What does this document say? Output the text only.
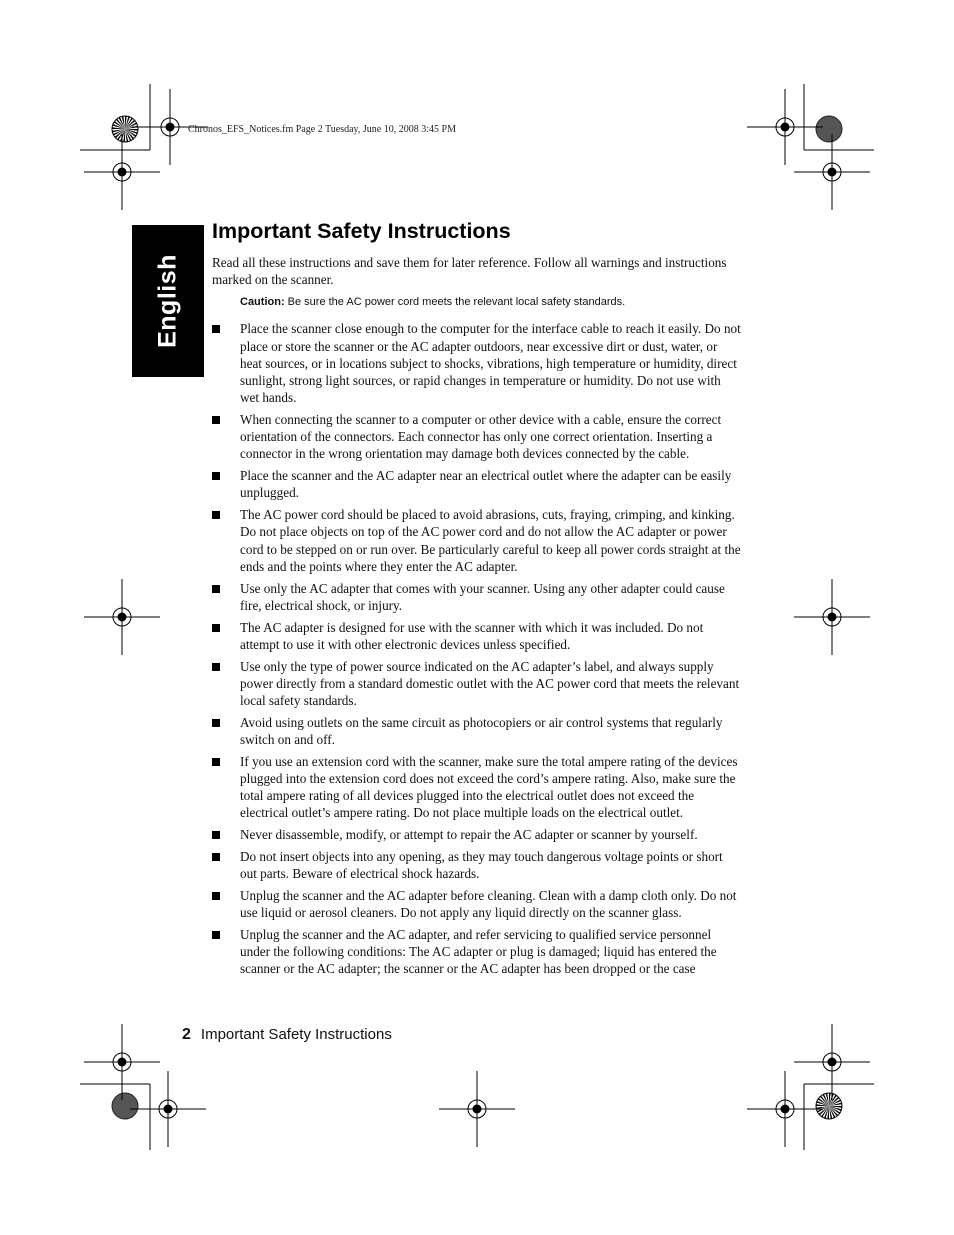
Chronos_EFS_Notices.fm Page 2 Tuesday, June 10, 2008 3:45 PM
English
Important Safety Instructions

Read all these instructions and save them for later reference. Follow all warnings and instructions marked on the scanner.

Caution: Be sure the AC power cord meets the relevant local safety standards.

Place the scanner close enough to the computer for the interface cable to reach it easily. Do not place or store the scanner or the AC adapter outdoors, near excessive dirt or dust, water, or heat sources, or in locations subject to shocks, vibrations, high temperature or humidity, direct sunlight, strong light sources, or rapid changes in temperature or humidity. Do not use with wet hands.
When connecting the scanner to a computer or other device with a cable, ensure the correct orientation of the connectors. Each connector has only one correct orientation. Inserting a connector in the wrong orientation may damage both devices connected by the cable.
Place the scanner and the AC adapter near an electrical outlet where the adapter can be easily unplugged.
The AC power cord should be placed to avoid abrasions, cuts, fraying, crimping, and kinking. Do not place objects on top of the AC power cord and do not allow the AC adapter or power cord to be stepped on or run over. Be particularly careful to keep all power cords straight at the ends and the points where they enter the AC adapter.
Use only the AC adapter that comes with your scanner. Using any other adapter could cause fire, electrical shock, or injury.
The AC adapter is designed for use with the scanner with which it was included. Do not attempt to use it with other electronic devices unless specified.
Use only the type of power source indicated on the AC adapter’s label, and always supply power directly from a standard domestic outlet with the AC power cord that meets the relevant local safety standards.
Avoid using outlets on the same circuit as photocopiers or air control systems that regularly switch on and off.
If you use an extension cord with the scanner, make sure the total ampere rating of the devices plugged into the extension cord does not exceed the cord’s ampere rating. Also, make sure the total ampere rating of all devices plugged into the electrical outlet does not exceed the electrical outlet’s ampere rating. Do not place multiple loads on the electrical outlet.
Never disassemble, modify, or attempt to repair the AC adapter or scanner by yourself.
Do not insert objects into any opening, as they may touch dangerous voltage points or short out parts. Beware of electrical shock hazards.
Unplug the scanner and the AC adapter before cleaning. Clean with a damp cloth only. Do not use liquid or aerosol cleaners. Do not apply any liquid directly on the scanner glass.
Unplug the scanner and the AC adapter, and refer servicing to qualified service personnel under the following conditions: The AC adapter or plug is damaged; liquid has entered the scanner or the AC adapter; the scanner or the AC adapter has been dropped or the case
2 Important Safety Instructions
